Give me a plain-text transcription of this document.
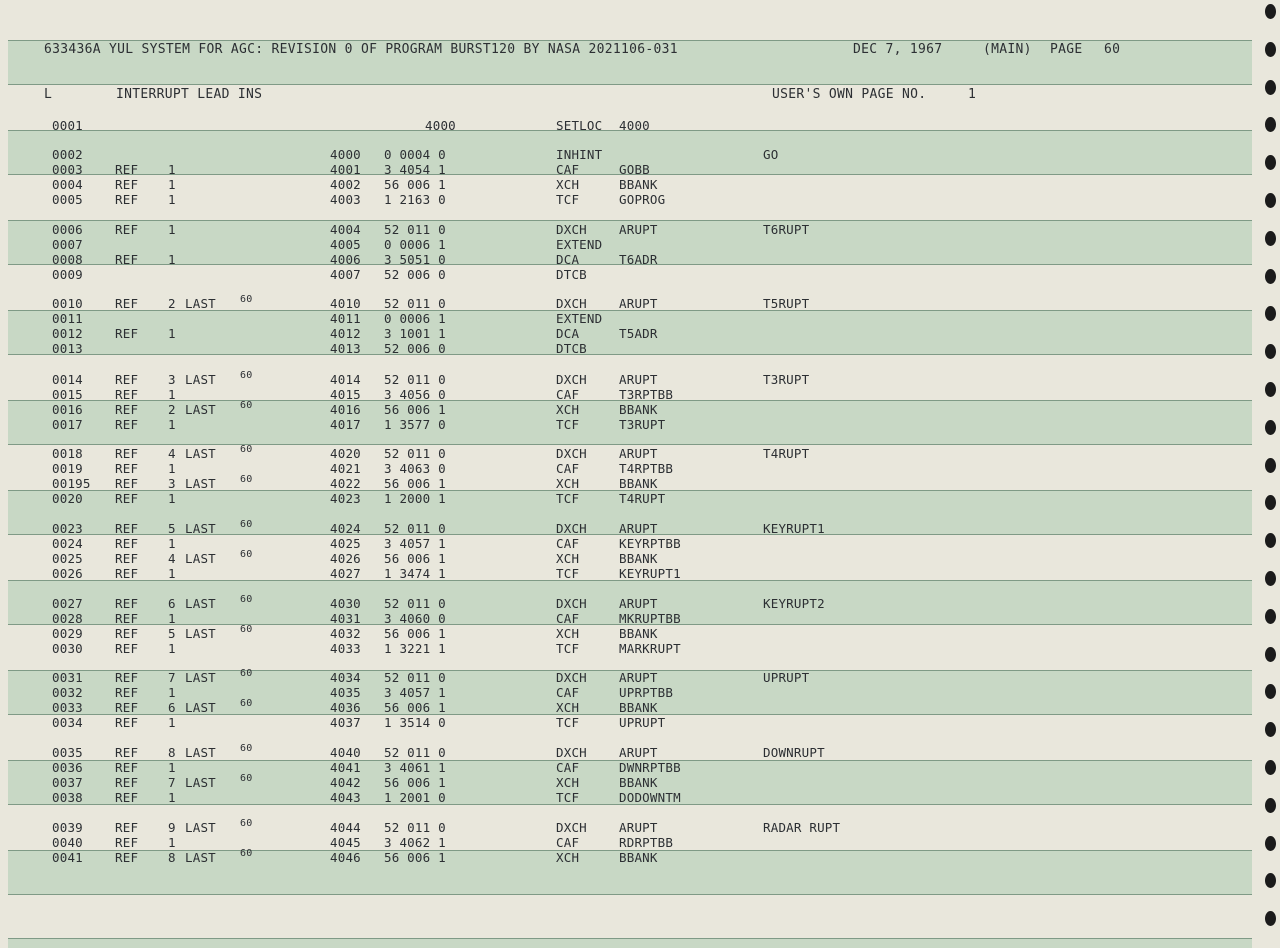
633436A YUL SYSTEM FOR AGC: REVISION 0 OF PROGRAM BURST120 BY NASA 2021106-031	DEC 7, 1967	(MAIN) PAGE 60
L	INTERRUPT LEAD INS	USER'S OWN PAGE NO.	1
0001	4000	SETLOC 4000
0002	4000 0 0004 0	INHINT	GO
0003	REF 1	4001 3 4054 1	CAF	GOBB
0004	REF 1	4002 56 006 1	XCH	BBANK
0005	REF 1	4003 1 2163 0	TCF	GOPROG
0006	REF 1	4004 52 011 0	DXCH	ARUPT	T6RUPT
0007	4005 0 0006 1	EXTEND
0008	REF 1	4006 3 5051 0	DCA	T6ADR
0009	4007 52 006 0	DTCB
0010	REF 2 LAST 60	4010 52 011 0	DXCH	ARUPT	T5RUPT
0011	4011 0 0006 1	EXTEND
0012	REF 1	4012 3 1001 1	DCA	T5ADR
0013	4013 52 006 0	DTCB
0014	REF 3 LAST 60	4014 52 011 0	DXCH	ARUPT	T3RUPT
0015	REF 1	4015 3 4056 0	CAF	T3RPTBB
0016	REF 2 LAST 60	4016 56 006 1	XCH	BBANK
0017	REF 1	4017 1 3577 0	TCF	T3RUPT
0018	REF 4 LAST 60	4020 52 011 0	DXCH	ARUPT	T4RUPT
0019	REF 1	4021 3 4063 0	CAF	T4RPTBB
00195 REF 3 LAST 60	4022 56 006 1	XCH	BBANK
0020	REF 1	4023 1 2000 1	TCF	T4RUPT
0023	REF 5 LAST 60	4024 52 011 0	DXCH	ARUPT	KEYRUPT1
0024	REF 1	4025 3 4057 1	CAF	KEYRPTBB
0025	REF 4 LAST 60	4026 56 006 1	XCH	BBANK
0026	REF 1	4027 1 3474 1	TCF	KEYRUPT1
0027	REF 6 LAST 60	4030 52 011 0	DXCH	ARUPT	KEYRUPT2
0028	REF 1	4031 3 4060 0	CAF	MKRUPTBB
0029	REF 5 LAST 60	4032 56 006 1	XCH	BBANK
0030	REF 1	4033 1 3221 1	TCF	MARKRUPT
0031	REF 7 LAST 60	4034 52 011 0	DXCH	ARUPT	UPRUPT
0032	REF 1	4035 3 4057 1	CAF	UPRPTBB
0033	REF 6 LAST 60	4036 56 006 1	XCH	BBANK
0034	REF 1	4037 1 3514 0	TCF	UPRUPT
0035	REF 8 LAST 60	4040 52 011 0	DXCH	ARUPT	DOWNRUPT
0036	REF 1	4041 3 4061 1	CAF	DWNRPTBB
0037	REF 7 LAST 60	4042 56 006 1	XCH	BBANK
0038	REF 1	4043 1 2001 0	TCF	DODOWNTM
0039	REF 9 LAST 60	4044 52 011 0	DXCH	ARUPT	RADAR RUPT
0040	REF 1	4045 3 4062 1	CAF	RDRPTBB
0041	REF 8 LAST 60	4046 56 006 1	XCH	BBANK
